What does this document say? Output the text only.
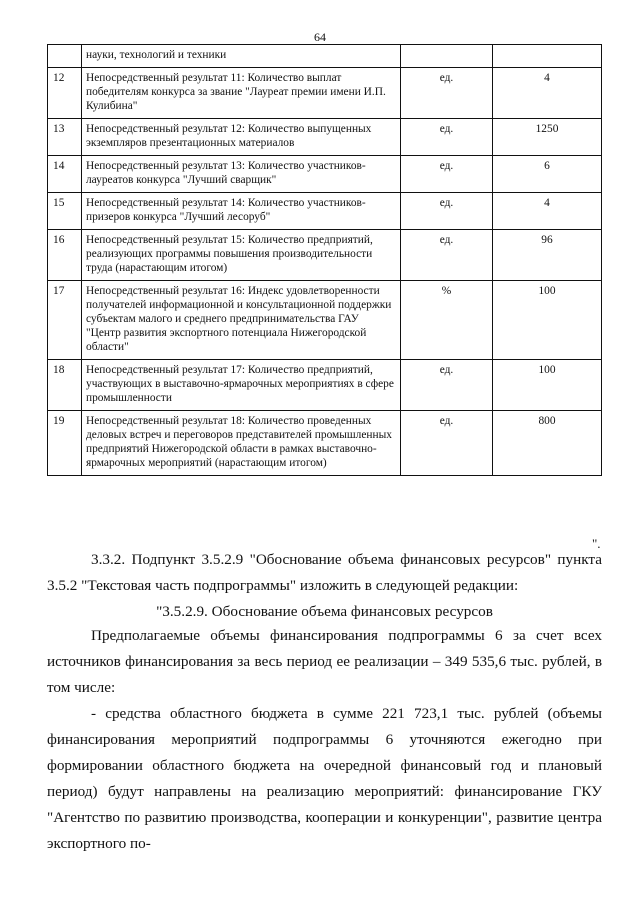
64
	науки, технологий и техники		
12	Непосредственный результат 11: Количество выплат победителям конкурса за звание "Лауреат премии имени И.П. Кулибина"	ед.	4
13	Непосредственный результат 12: Количество выпущенных экземпляров презентационных материалов	ед.	1250
14	Непосредственный результат 13: Количество участников-лауреатов конкурса "Лучший сварщик"	ед.	6
15	Непосредственный результат 14: Количество участников-призеров конкурса "Лучший лесоруб"	ед.	4
16	Непосредственный результат 15: Количество предприятий, реализующих программы повышения производительности труда (нарастающим итогом)	ед.	96
17	Непосредственный результат 16: Индекс удовлетворенности получателей информационной и консультационной поддержки субъектам малого и среднего предпринимательства ГАУ "Центр развития экспортного потенциала Нижегородской области"	%	100
18	Непосредственный результат 17: Количество предприятий, участвующих в выставочно-ярмарочных мероприятиях в сфере промышленности	ед.	100
19	Непосредственный результат 18: Количество проведенных деловых встреч и переговоров представителей промышленных предприятий Нижегородской области в рамках выставочно-ярмарочных мероприятий (нарастающим итогом)	ед.	800
".

3.3.2. Подпункт 3.5.2.9 "Обоснование объема финансовых ресурсов" пункта 3.5.2 "Текстовая часть подпрограммы" изложить в следующей редакции:

"3.5.2.9. Обоснование объема финансовых ресурсов

Предполагаемые объемы финансирования подпрограммы 6 за счет всех источников финансирования за весь период ее реализации – 349 535,6 тыс. рублей, в том числе:

- средства областного бюджета в сумме 221 723,1 тыс. рублей (объемы финансирования мероприятий подпрограммы 6 уточняются ежегодно при формировании областного бюджета на очередной финансовый год и плановый период) будут направлены на реализацию мероприятий: финансирование ГКУ "Агентство по развитию производства, кооперации и конкуренции", развитие центра экспортного по-
